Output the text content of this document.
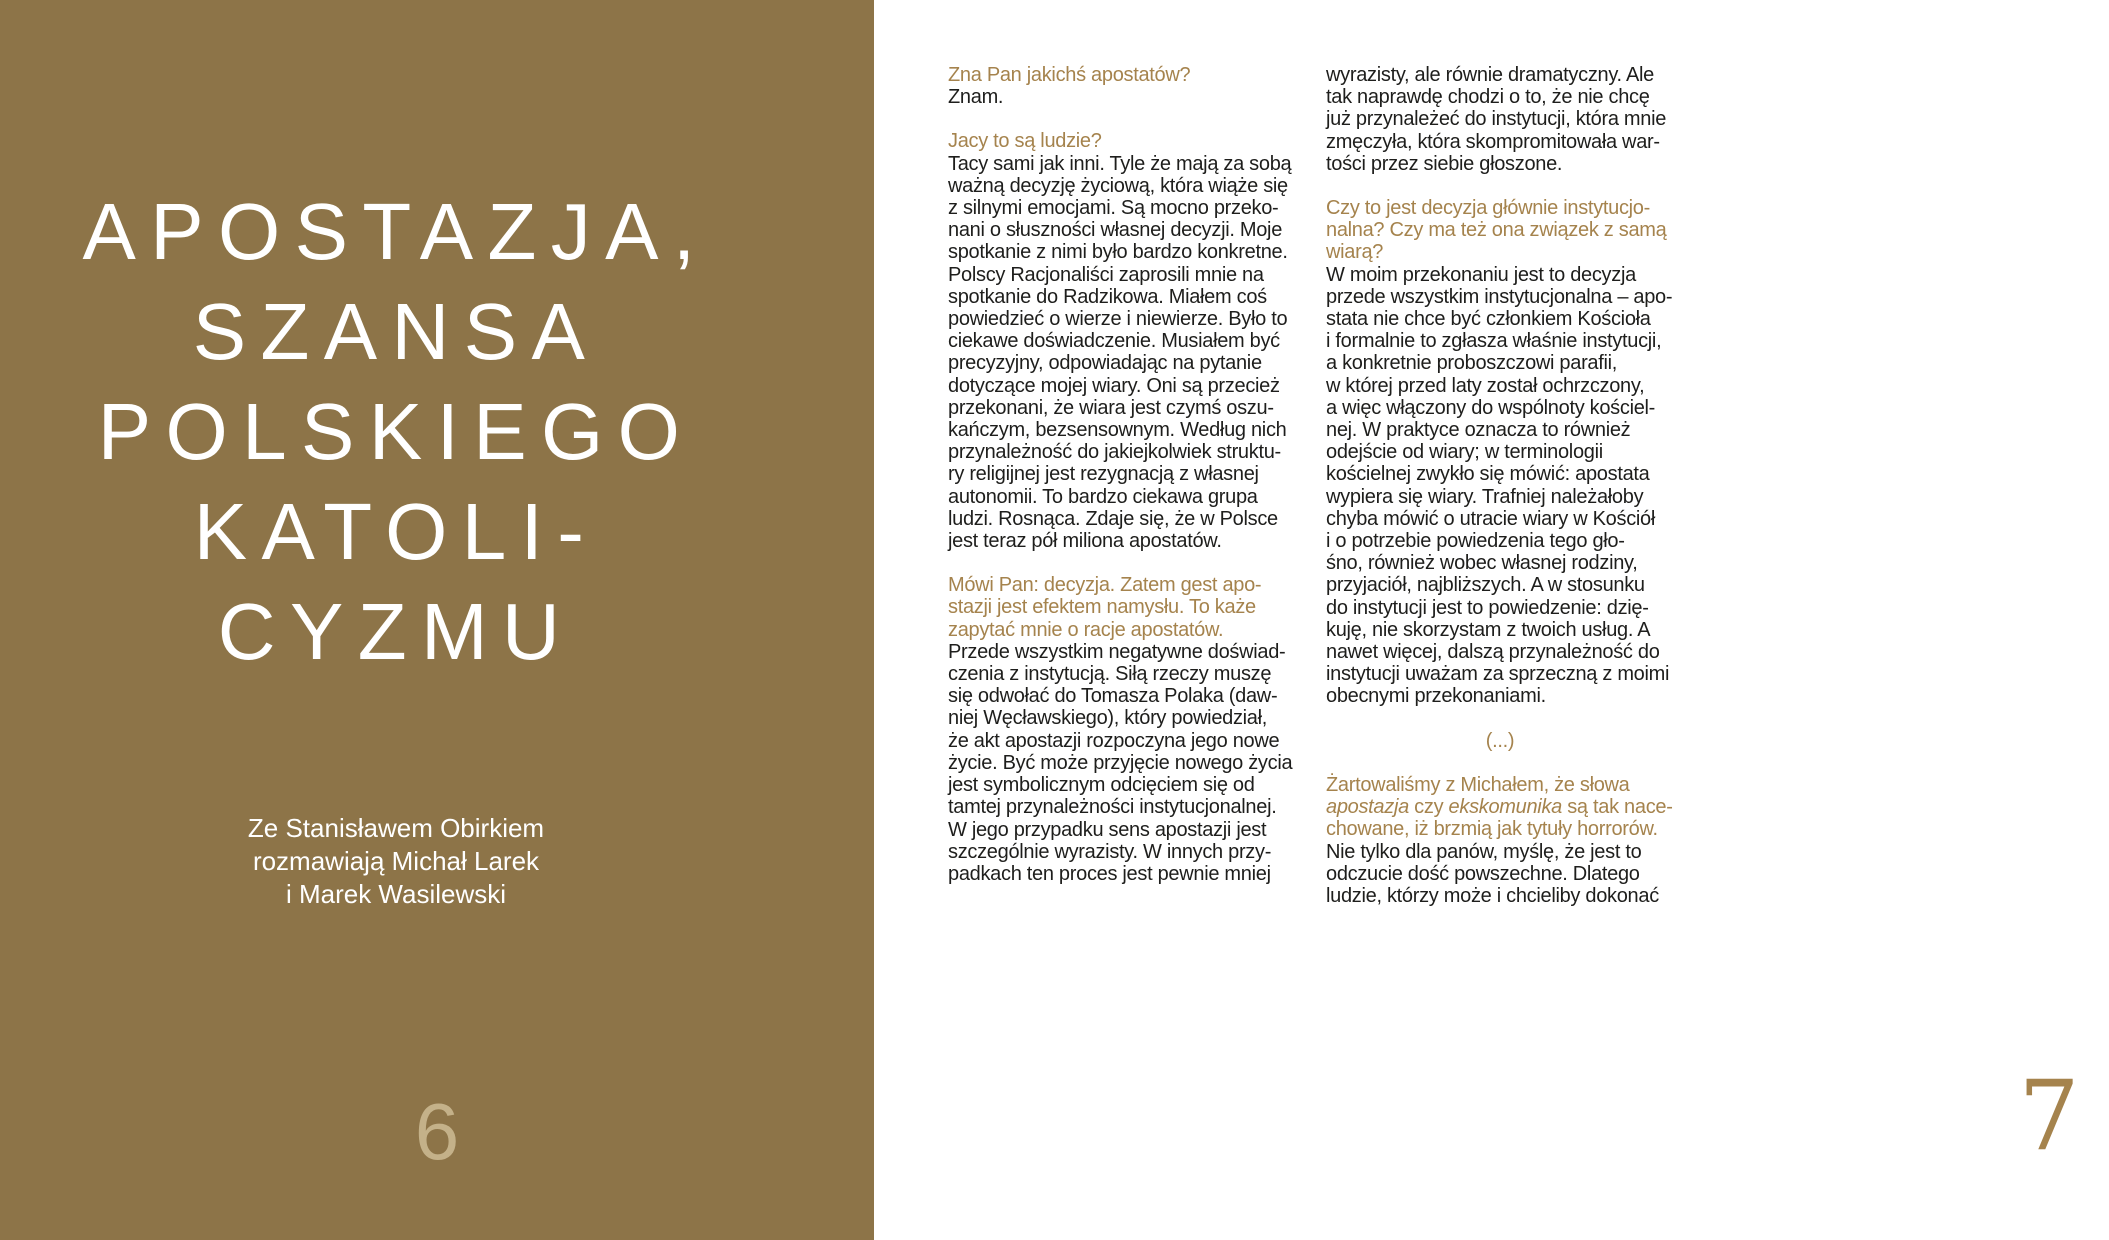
APOSTAZJA,
SZANSA
POLSKIEGO
KATOLI-
CYZMU
Ze Stanisławem Obirkiem
rozmawiają Michał Larek
i Marek Wasilewski
6
Zna Pan jakichś apostatów?
Znam.
Jacy to są ludzie?
Tacy sami jak inni. Tyle że mają za sobą
ważną decyzję życiową, która wiąże się
z silnymi emocjami. Są mocno przeko-
nani o słuszności własnej decyzji. Moje
spotkanie z nimi było bardzo konkretne.
Polscy Racjonaliści zaprosili mnie na
spotkanie do Radzikowa. Miałem coś
powiedzieć o wierze i niewierze. Było to
ciekawe doświadczenie. Musiałem być
precyzyjny, odpowiadając na pytanie
dotyczące mojej wiary. Oni są przecież
przekonani, że wiara jest czymś oszu-
kańczym, bezsensownym. Według nich
przynależność do jakiejkolwiek struktu-
ry religijnej jest rezygnacją z własnej
autonomii. To bardzo ciekawa grupa
ludzi. Rosnąca. Zdaje się, że w Polsce
jest teraz pół miliona apostatów.
Mówi Pan: decyzja. Zatem gest apo-
stazji jest efektem namysłu. To każe
zapytać mnie o racje apostatów.
Przede wszystkim negatywne doświad-
czenia z instytucją. Siłą rzeczy muszę
się odwołać do Tomasza Polaka (daw-
niej Węcławskiego), który powiedział,
że akt apostazji rozpoczyna jego nowe
życie. Być może przyjęcie nowego życia
jest symbolicznym odcięciem się od
tamtej przynależności instytucjonalnej.
W jego przypadku sens apostazji jest
szczególnie wyrazisty. W innych przy-
padkach ten proces jest pewnie mniej
wyrazisty, ale równie dramatyczny. Ale
tak naprawdę chodzi o to, że nie chcę
już przynależeć do instytucji, która mnie
zmęczyła, która skompromitowała war-
tości przez siebie głoszone.
Czy to jest decyzja głównie instytucjo-
nalna? Czy ma też ona związek z samą
wiarą?
W moim przekonaniu jest to decyzja
przede wszystkim instytucjonalna – apo-
stata nie chce być członkiem Kościoła
i formalnie to zgłasza właśnie instytucji,
a konkretnie proboszczowi parafii,
w której przed laty został ochrzczony,
a więc włączony do wspólnoty kościel-
nej. W praktyce oznacza to również
odejście od wiary; w terminologii
kościelnej zwykło się mówić: apostata
wypiera się wiary. Trafniej należałoby
chyba mówić o utracie wiary w Kościół
i o potrzebie powiedzenia tego gło-
śno, również wobec własnej rodziny,
przyjaciół, najbliższych. A w stosunku
do instytucji jest to powiedzenie: dzię-
kuję, nie skorzystam z twoich usług. A
nawet więcej, dalszą przynależność do
instytucji uważam za sprzeczną z moimi
obecnymi przekonaniami.
(...)
Żartowaliśmy z Michałem, że słowa
apostazja czy ekskomunika są tak nace-
chowane, iż brzmią jak tytuły horrorów.
Nie tylko dla panów, myślę, że jest to
odczucie dość powszechne. Dlatego
ludzie, którzy może i chcieliby dokonać
7
